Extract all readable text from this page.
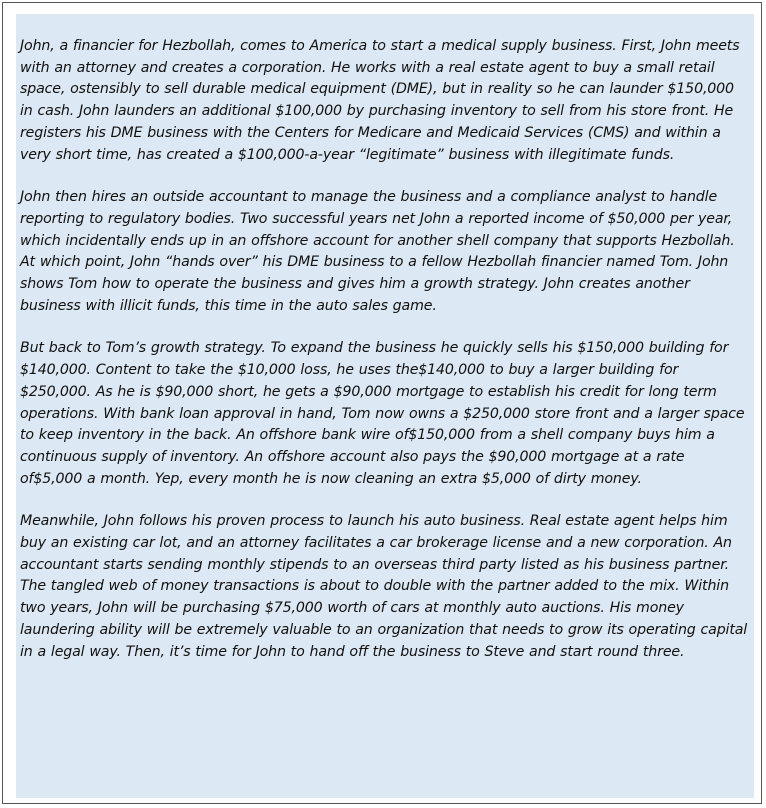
John, a financier for Hezbollah, comes to America to start a medical supply business. First, John meets with an attorney and creates a corporation. He works with a real estate agent to buy a small retail space, ostensibly to sell durable medical equipment (DME), but in reality so he can launder $150,000 in cash. John launders an additional $100,000 by purchasing inventory to sell from his store front. He registers his DME business with the Centers for Medicare and Medicaid Services (CMS) and within a very short time, has created a $100,000-a-year “legitimate” business with illegitimate funds.

John then hires an outside accountant to manage the business and a compliance analyst to handle reporting to regulatory bodies. Two successful years net John a reported income of $50,000 per year, which incidentally ends up in an offshore account for another shell company that supports Hezbollah. At which point, John “hands over” his DME business to a fellow Hezbollah financier named Tom. John shows Tom how to operate the business and gives him a growth strategy. John creates another business with illicit funds, this time in the auto sales game.

But back to Tom’s growth strategy. To expand the business he quickly sells his $150,000 building for $140,000. Content to take the $10,000 loss, he uses the$140,000 to buy a larger building for $250,000. As he is $90,000 short, he gets a $90,000 mortgage to establish his credit for long term operations. With bank loan approval in hand, Tom now owns a $250,000 store front and a larger space to keep inventory in the back. An offshore bank wire of$150,000 from a shell company buys him a continuous supply of inventory. An offshore account also pays the $90,000 mortgage at a rate of$5,000 a month. Yep, every month he is now cleaning an extra $5,000 of dirty money.

Meanwhile, John follows his proven process to launch his auto business. Real estate agent helps him buy an existing car lot, and an attorney facilitates a car brokerage license and a new corporation. An accountant starts sending monthly stipends to an overseas third party listed as his business partner. The tangled web of money transactions is about to double with the partner added to the mix. Within two years, John will be purchasing $75,000 worth of cars at monthly auto auctions. His money laundering ability will be extremely valuable to an organization that needs to grow its operating capital in a legal way. Then, it’s time for John to hand off the business to Steve and start round three.
